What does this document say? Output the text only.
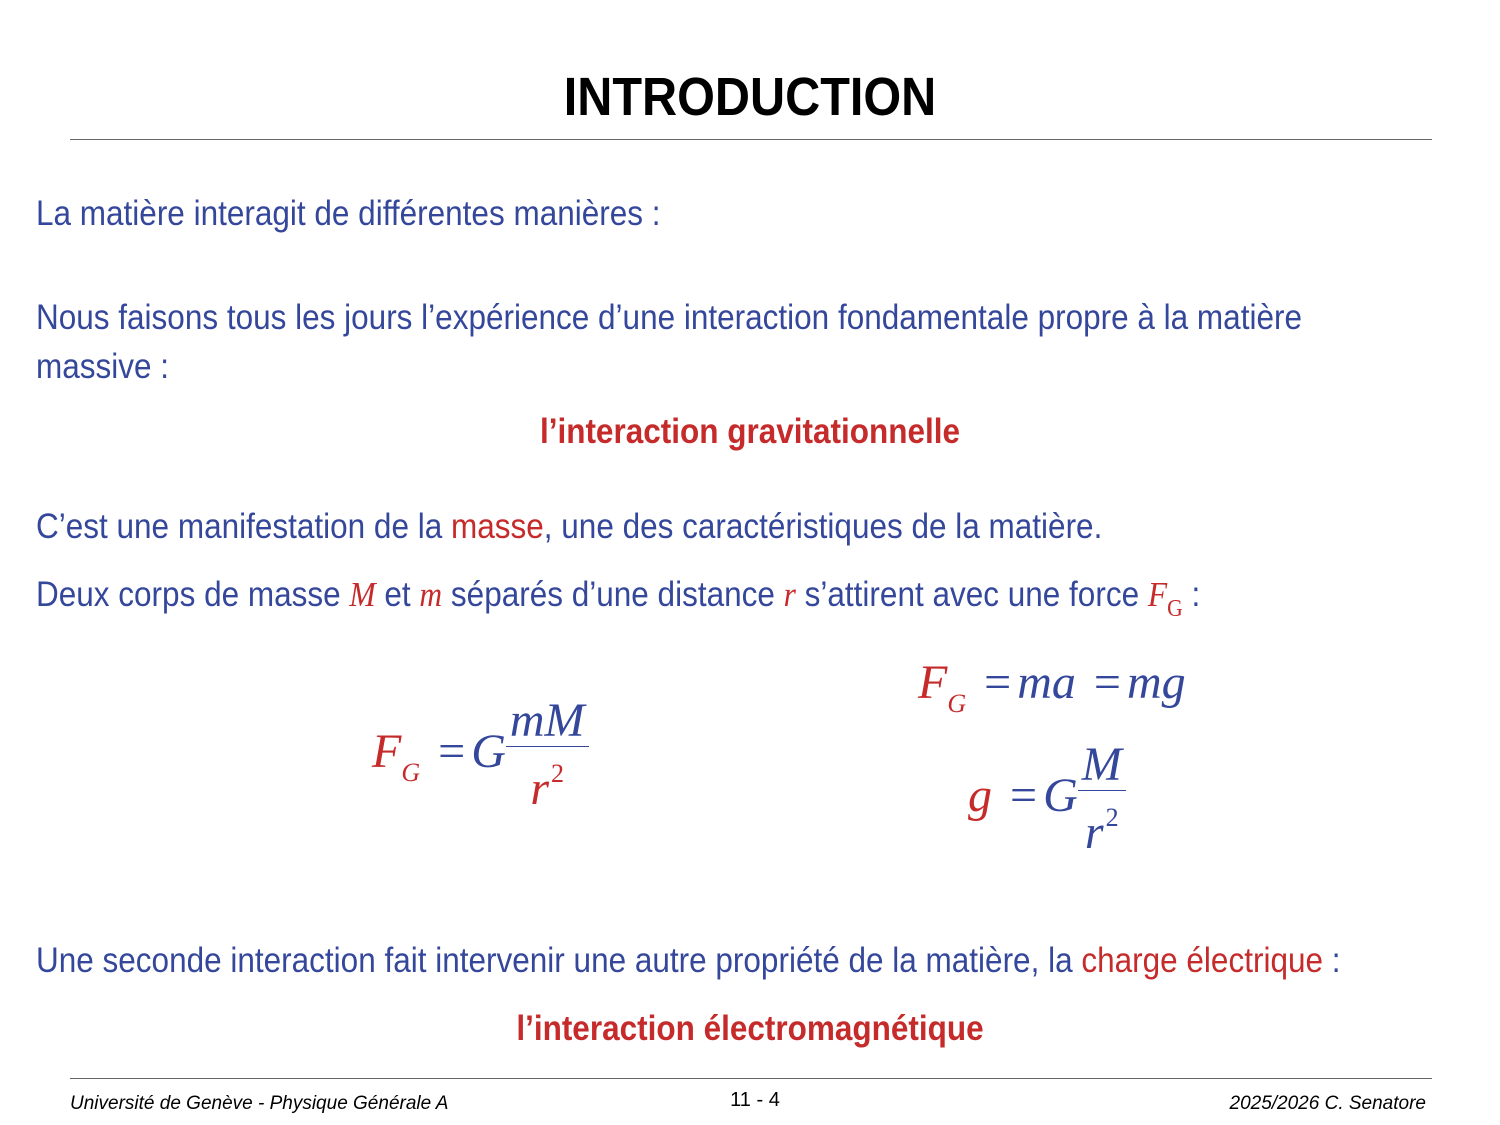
INTRODUCTION
La matière interagit de différentes manières :
Nous faisons tous les jours l’expérience d’une interaction fondamentale propre à la matière
massive :
l’interaction gravitationnelle
C’est une manifestation de la masse, une des caractéristiques de la matière.
Deux corps de masse M et m séparés d’une distance r s’attirent avec une force $F_G$ :
$F_G = G \frac{mM}{r^2}$
$F_G$ = ma = mg
g = G $\frac{M}{r^2}$
Une seconde interaction fait intervenir une autre propriété de la matière, la charge électrique :
l’interaction électromagnétique
Université de Genève - Physique Générale A	11 - 4	2025/2026 C. Senatore
